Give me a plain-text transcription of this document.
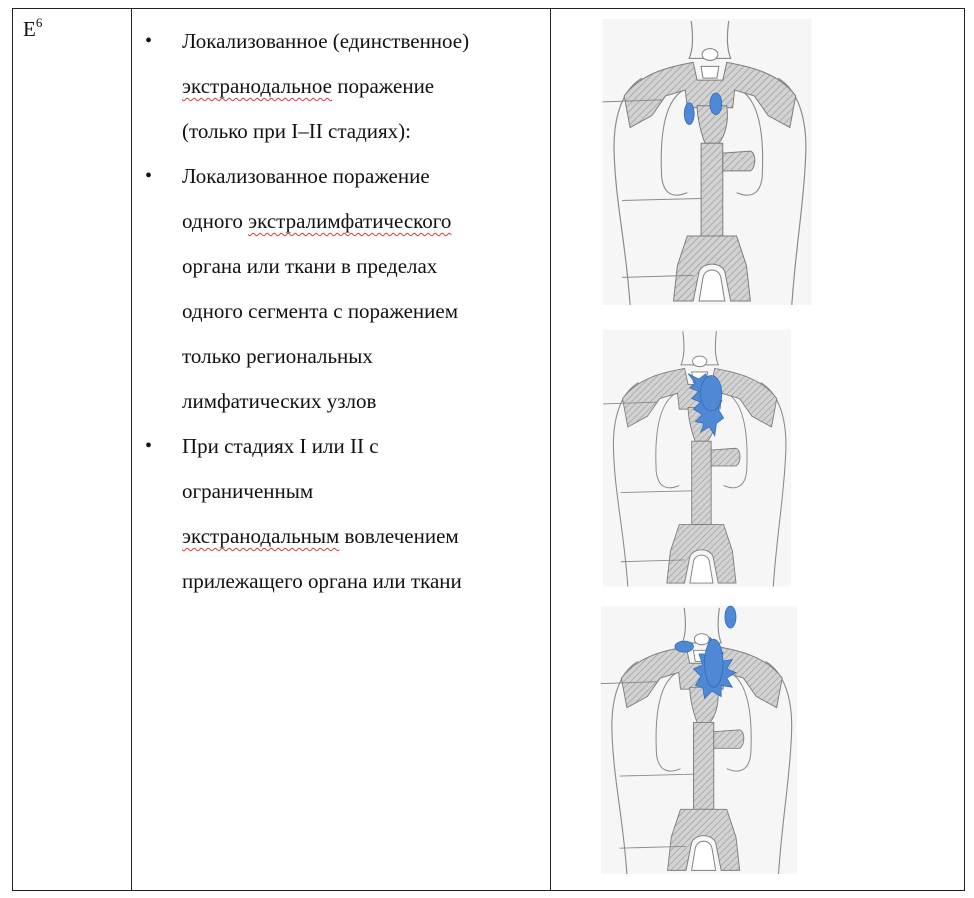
$E^6$

• Локализованное (единственное)
экстранодальное поражение
(только при I–II стадиях):
• Локализованное поражение
одного экстралимфатического
органа или ткани в пределах
одного сегмента с поражением
только региональных
лимфатических узлов
• При стадиях I или II с
ограниченным
экстранодальным вовлечением
прилежащего органа или ткани
